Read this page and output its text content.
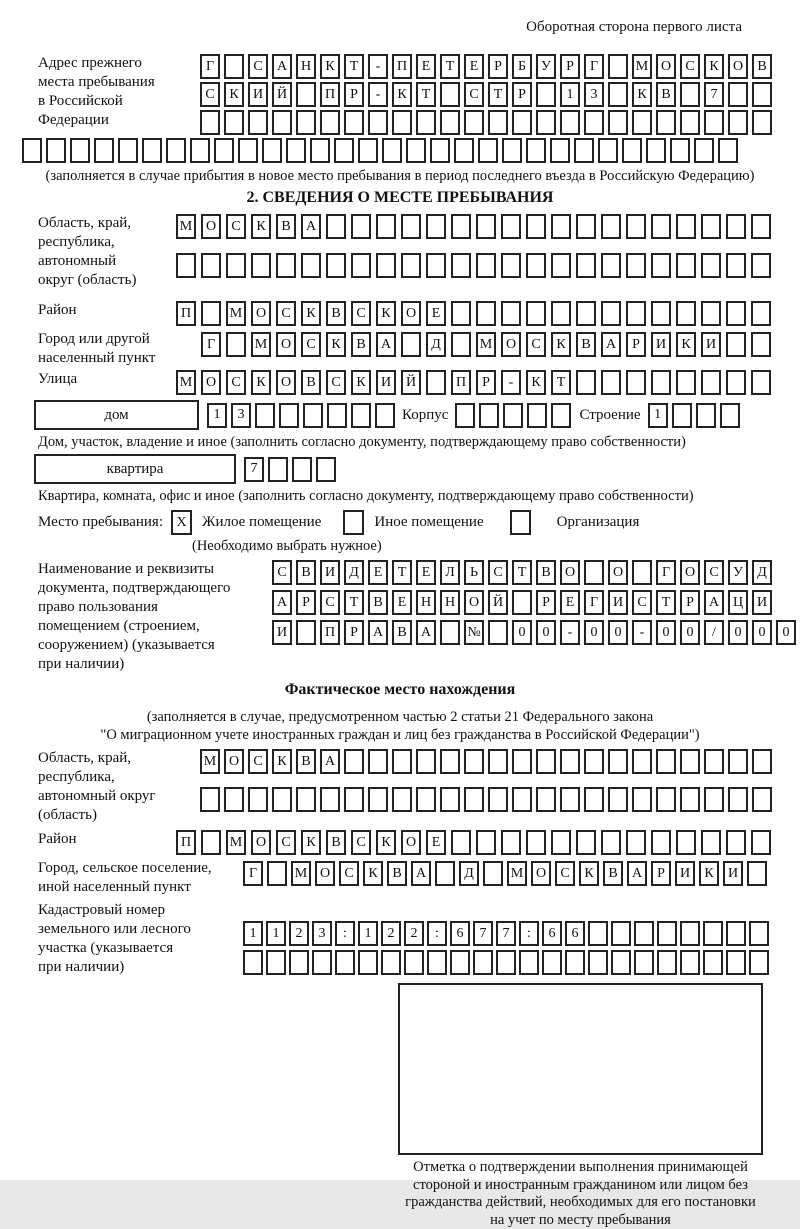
Оборотная сторона первого листа
Адрес прежнего
места пребывания
в Российской
Федерации
Г	С	А Н	К	Т	-	П	Е	Т	Е	Р	Б	У	Р	Г	М О	С	К	О	В
С	К	И Й	П	Р	-	К	Т	С	Т	Р	1	3	К	В	7
(заполняется в случае прибытия в новое место пребывания в период последнего въезда в Российскую Федерацию)
2. СВЕДЕНИЯ О МЕСТЕ ПРЕБЫВАНИЯ
Область, край,
республика,
автономный
округ (область)
М О	С	К	В	А
Район	П	М О	С	К	В	С	К	О	Е
Город или другой
населенный пункт
Г	М О	С	К	В	А	Д	М О	С	К	В	А	Р	И	К	И
Улица	М О	С	К	О	В	С	К	И	Й	П	Р	-	К	Т
дом	1	3	Корпус	Строение 1
Дом, участок, владение и иное (заполнить согласно документу, подтверждающему право собственности)
квартира	7
Квартира, комната, офис и иное (заполнить согласно документу, подтверждающему право собственности)
Место пребывания: X	Жилое помещение	Иное помещение	Организация
(Необходимо выбрать нужное)
Наименование и реквизиты
документа, подтверждающего
право пользования
помещением (строением,
сооружением) (указывается
при наличии)
С	В	И	Д	Е	Т	Е	Л	Ь	С	Т	В	О	О	Г	О	С	У	Д
А	Р	С	Т	В	Е	Н Н О Й	Р	Е	Г	И	С	Т	Р	А Ц И
И	П	Р	А	В	А	№	0	0	-	0	0	-	0	0	/	0	0	0
Фактическое место нахождения
(заполняется в случае, предусмотренном частью 2 статьи 21 Федерального закона
"О миграционном учете иностранных граждан и лиц без гражданства в Российской Федерации")
Область, край,
республика,
автономный округ
(область)
М О	С	К	В	А
Район	П	М О	С	К	В	С	К	О	Е
Город, сельское поселение,
иной населенный пункт
Г	М О	С	К	В	А	Д	М О	С	К	В	А	Р	И	К	И
Кадастровый номер
земельного или лесного
участка (указывается
при наличии)
1	1	2	3	:	1	2	2	:	6	7	7	:	6	6
Отметка о подтверждении выполнения принимающей
стороной и иностранным гражданином или лицом без
гражданства действий, необходимых для его постановки
на учет по месту пребывания
